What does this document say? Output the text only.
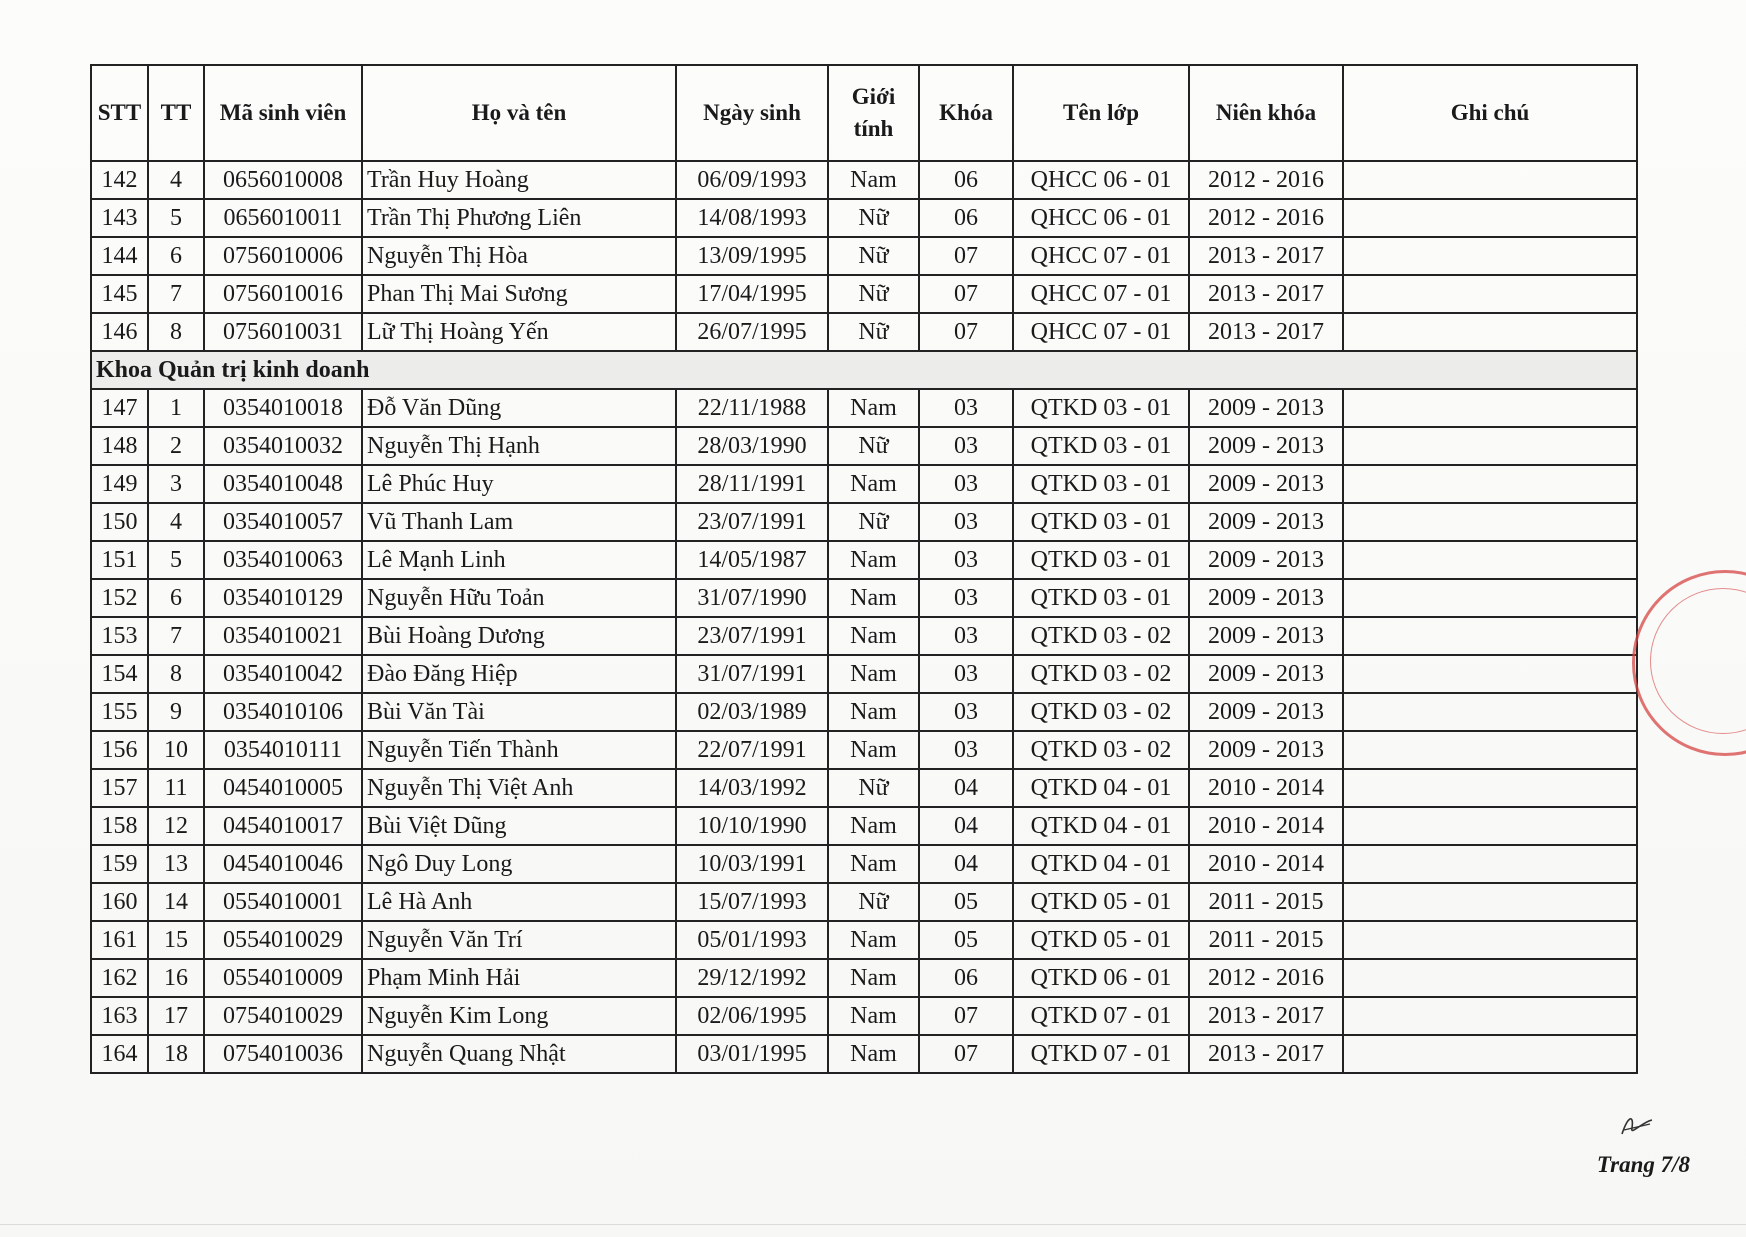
STT	TT	Mã sinh viên	Họ và tên	Ngày sinh	Giới
tính	Khóa	Tên lớp	Niên khóa	Ghi chú
142	4	0656010008	Trần Huy Hoàng	06/09/1993	Nam	06	QHCC 06 - 01	2012 - 2016	
143	5	0656010011	Trần Thị Phương Liên	14/08/1993	Nữ	06	QHCC 06 - 01	2012 - 2016	
144	6	0756010006	Nguyễn Thị Hòa	13/09/1995	Nữ	07	QHCC 07 - 01	2013 - 2017	
145	7	0756010016	Phan Thị Mai Sương	17/04/1995	Nữ	07	QHCC 07 - 01	2013 - 2017	
146	8	0756010031	Lữ Thị Hoàng Yến	26/07/1995	Nữ	07	QHCC 07 - 01	2013 - 2017	
Khoa Quản trị kinh doanh									
147	1	0354010018	Đỗ Văn Dũng	22/11/1988	Nam	03	QTKD 03 - 01	2009 - 2013	
148	2	0354010032	Nguyễn Thị Hạnh	28/03/1990	Nữ	03	QTKD 03 - 01	2009 - 2013	
149	3	0354010048	Lê Phúc Huy	28/11/1991	Nam	03	QTKD 03 - 01	2009 - 2013	
150	4	0354010057	Vũ Thanh Lam	23/07/1991	Nữ	03	QTKD 03 - 01	2009 - 2013	
151	5	0354010063	Lê Mạnh Linh	14/05/1987	Nam	03	QTKD 03 - 01	2009 - 2013	
152	6	0354010129	Nguyễn Hữu Toản	31/07/1990	Nam	03	QTKD 03 - 01	2009 - 2013	
153	7	0354010021	Bùi Hoàng Dương	23/07/1991	Nam	03	QTKD 03 - 02	2009 - 2013	
154	8	0354010042	Đào Đăng Hiệp	31/07/1991	Nam	03	QTKD 03 - 02	2009 - 2013	
155	9	0354010106	Bùi Văn Tài	02/03/1989	Nam	03	QTKD 03 - 02	2009 - 2013	
156	10	0354010111	Nguyễn Tiến Thành	22/07/1991	Nam	03	QTKD 03 - 02	2009 - 2013	
157	11	0454010005	Nguyễn Thị Việt Anh	14/03/1992	Nữ	04	QTKD 04 - 01	2010 - 2014	
158	12	0454010017	Bùi Việt Dũng	10/10/1990	Nam	04	QTKD 04 - 01	2010 - 2014	
159	13	0454010046	Ngô Duy Long	10/03/1991	Nam	04	QTKD 04 - 01	2010 - 2014	
160	14	0554010001	Lê Hà Anh	15/07/1993	Nữ	05	QTKD 05 - 01	2011 - 2015	
161	15	0554010029	Nguyễn Văn Trí	05/01/1993	Nam	05	QTKD 05 - 01	2011 - 2015	
162	16	0554010009	Phạm Minh Hải	29/12/1992	Nam	06	QTKD 06 - 01	2012 - 2016	
163	17	0754010029	Nguyễn Kim Long	02/06/1995	Nam	07	QTKD 07 - 01	2013 - 2017	
164	18	0754010036	Nguyễn Quang Nhật	03/01/1995	Nam	07	QTKD 07 - 01	2013 - 2017	
Trang 7/8
